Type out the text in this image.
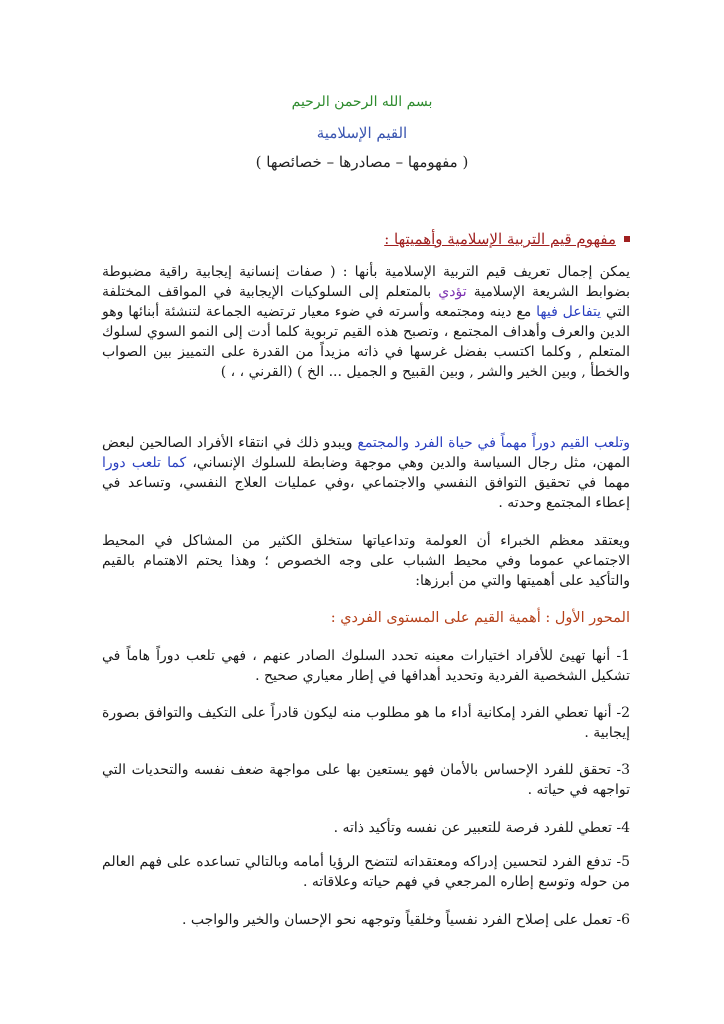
بسم الله الرحمن الرحيم
القيم الإسلامية
( مفهومها – مصادرها – خصائصها )
مفهوم قيم التربية الإسلامية وأهميتها :
يمكن إجمال تعريف قيم التربية الإسلامية بأنها : ( صفات إنسانية إيجابية راقية مضبوطة بضوابط الشريعة الإسلامية تؤدي بالمتعلم إلى السلوكيات الإيجابية في المواقف المختلفة التي يتفاعل فيها مع دينه ومجتمعه وأسرته في ضوء معيار ترتضيه الجماعة لتنشئة أبنائها وهو الدين والعرف وأهداف المجتمع ، وتصبح هذه القيم تربوية كلما أدت إلى النمو السوي لسلوك المتعلم , وكلما اكتسب بفضل غرسها في ذاته مزيداً من القدرة على التمييز بين الصواب والخطأ , وبين الخير والشر , وبين القبيح و الجميل ... الخ ) (القرني ، ، )
وتلعب القيم دوراً مهماً في حياة الفرد والمجتمع ويبدو ذلك في انتقاء الأفراد الصالحين لبعض المهن، مثل رجال السياسة والدين وهي موجهة وضابطة للسلوك الإنساني، كما تلعب دورا مهما في تحقيق التوافق النفسي والاجتماعي ،وفي عمليات العلاج النفسي، وتساعد في إعطاء المجتمع وحدته .
ويعتقد معظم الخبراء أن العولمة وتداعياتها ستخلق الكثير من المشاكل في المحيط الاجتماعي عموما وفي محيط الشباب على وجه الخصوص ؛ وهذا يحتم الاهتمام بالقيم والتأكيد على أهميتها والتي من أبرزها:
المحور الأول : أهمية القيم على المستوى الفردي :
1- أنها تهيئ للأفراد اختيارات معينه تحدد السلوك الصادر عنهم ، فهي تلعب دوراً هاماً في تشكيل الشخصية الفردية وتحديد أهدافها في إطار معياري صحيح .
2- أنها تعطي الفرد إمكانية أداء ما هو مطلوب منه ليكون قادراً على التكيف والتوافق بصورة إيجابية .
3- تحقق للفرد الإحساس بالأمان فهو يستعين بها على مواجهة ضعف نفسه والتحديات التي تواجهه في حياته .
4- تعطي للفرد فرصة للتعبير عن نفسه وتأكيد ذاته .
5- تدفع الفرد لتحسين إدراكه ومعتقداته لتتضح الرؤيا أمامه وبالتالي تساعده على فهم العالم من حوله وتوسع إطاره المرجعي في فهم حياته وعلاقاته .
6- تعمل على إصلاح الفرد نفسياً وخلقياً وتوجهه نحو الإحسان والخير والواجب .
